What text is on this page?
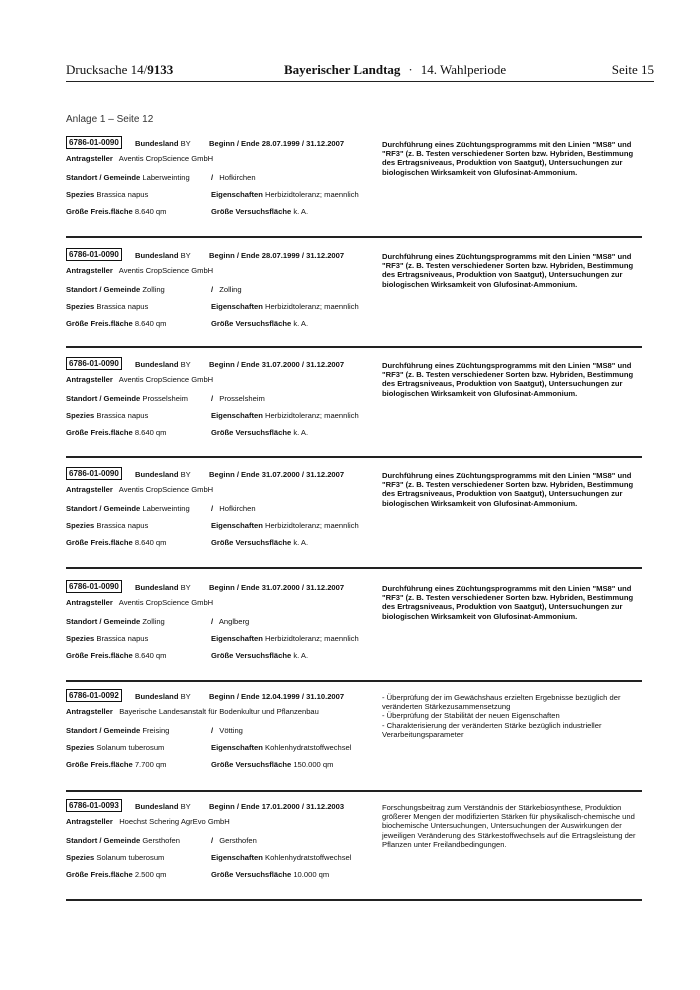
Drucksache 14/9133	Bayerischer Landtag · 14. Wahlperiode	Seite 15
Anlage 1 – Seite 12
6786-01-0090	Bundesland BY Beginn / Ende 28.07.1999 / 31.12.2007
Antragsteller Aventis CropScience GmbH
Standort / Gemeinde Laberweinting	/ Hofkirchen
Spezies Brassica napus	Eigenschaften Herbizidtoleranz; maennlich
Größe Freis.fläche 8.640 qm	Größe Versuchsfläche k. A.
Durchführung eines Züchtungsprogramms mit den Linien "MS8" und "RF3" (z. B. Testen verschiedener Sorten bzw. Hybriden, Bestimmung des Ertragsniveaus, Produktion von Saatgut), Untersuchungen zur biologischen Wirksamkeit von Glufosinat-Ammonium.
6786-01-0090	Bundesland BY Beginn / Ende 28.07.1999 / 31.12.2007
Antragsteller Aventis CropScience GmbH
Standort / Gemeinde Zolling	/ Zolling
Spezies Brassica napus	Eigenschaften Herbizidtoleranz; maennlich
Größe Freis.fläche 8.640 qm	Größe Versuchsfläche k. A.
Durchführung eines Züchtungsprogramms mit den Linien "MS8" und "RF3" (z. B. Testen verschiedener Sorten bzw. Hybriden, Bestimmung des Ertragsniveaus, Produktion von Saatgut), Untersuchungen zur biologischen Wirksamkeit von Glufosinat-Ammonium.
6786-01-0090	Bundesland BY Beginn / Ende 31.07.2000 / 31.12.2007
Antragsteller Aventis CropScience GmbH
Standort / Gemeinde Prosselsheim	/ Prosselsheim
Spezies Brassica napus	Eigenschaften Herbizidtoleranz; maennlich
Größe Freis.fläche 8.640 qm	Größe Versuchsfläche k. A.
Durchführung eines Züchtungsprogramms mit den Linien "MS8" und "RF3" (z. B. Testen verschiedener Sorten bzw. Hybriden, Bestimmung des Ertragsniveaus, Produktion von Saatgut), Untersuchungen zur biologischen Wirksamkeit von Glufosinat-Ammonium.
6786-01-0090	Bundesland BY Beginn / Ende 31.07.2000 / 31.12.2007
Antragsteller Aventis CropScience GmbH
Standort / Gemeinde Laberweinting	/ Hofkirchen
Spezies Brassica napus	Eigenschaften Herbizidtoleranz; maennlich
Größe Freis.fläche 8.640 qm	Größe Versuchsfläche k. A.
Durchführung eines Züchtungsprogramms mit den Linien "MS8" und "RF3" (z. B. Testen verschiedener Sorten bzw. Hybriden, Bestimmung des Ertragsniveaus, Produktion von Saatgut), Untersuchungen zur biologischen Wirksamkeit von Glufosinat-Ammonium.
6786-01-0090	Bundesland BY Beginn / Ende 31.07.2000 / 31.12.2007
Antragsteller Aventis CropScience GmbH
Standort / Gemeinde Zolling	/ Anglberg
Spezies Brassica napus	Eigenschaften Herbizidtoleranz; maennlich
Größe Freis.fläche 8.640 qm	Größe Versuchsfläche k. A.
Durchführung eines Züchtungsprogramms mit den Linien "MS8" und "RF3" (z. B. Testen verschiedener Sorten bzw. Hybriden, Bestimmung des Ertragsniveaus, Produktion von Saatgut), Untersuchungen zur biologischen Wirksamkeit von Glufosinat-Ammonium.
6786-01-0092	Bundesland BY Beginn / Ende 12.04.1999 / 31.10.2007
Antragsteller Bayerische Landesanstalt für Bodenkultur und Pflanzenbau
Standort / Gemeinde Freising	/ Vötting
Spezies Solanum tuberosum	Eigenschaften Kohlenhydratstoffwechsel
Größe Freis.fläche 7.700 qm	Größe Versuchsfläche 150.000 qm
- Überprüfung der im Gewächshaus erzielten Ergebnisse bezüglich der veränderten Stärkezusammensetzung
- Überprüfung der Stabilität der neuen Eigenschaften
- Charakterisierung der veränderten Stärke bezüglich industrieller Verarbeitungsparameter
6786-01-0093	Bundesland BY Beginn / Ende 17.01.2000 / 31.12.2003
Antragsteller Hoechst Schering AgrEvo GmbH
Standort / Gemeinde Gersthofen	/ Gersthofen
Spezies Solanum tuberosum	Eigenschaften Kohlenhydratstoffwechsel
Größe Freis.fläche 2.500 qm	Größe Versuchsfläche 10.000 qm
Forschungsbeitrag zum Verständnis der Stärkebiosynthese, Produktion größerer Mengen der modifizierten Stärken für physikalisch-chemische und biochemische Untersuchungen, Untersuchungen der Auswirkungen der jeweiligen Veränderung des Stärkestoffwechsels auf die Ertragsleistung der Pflanzen unter Freilandbedingungen.
